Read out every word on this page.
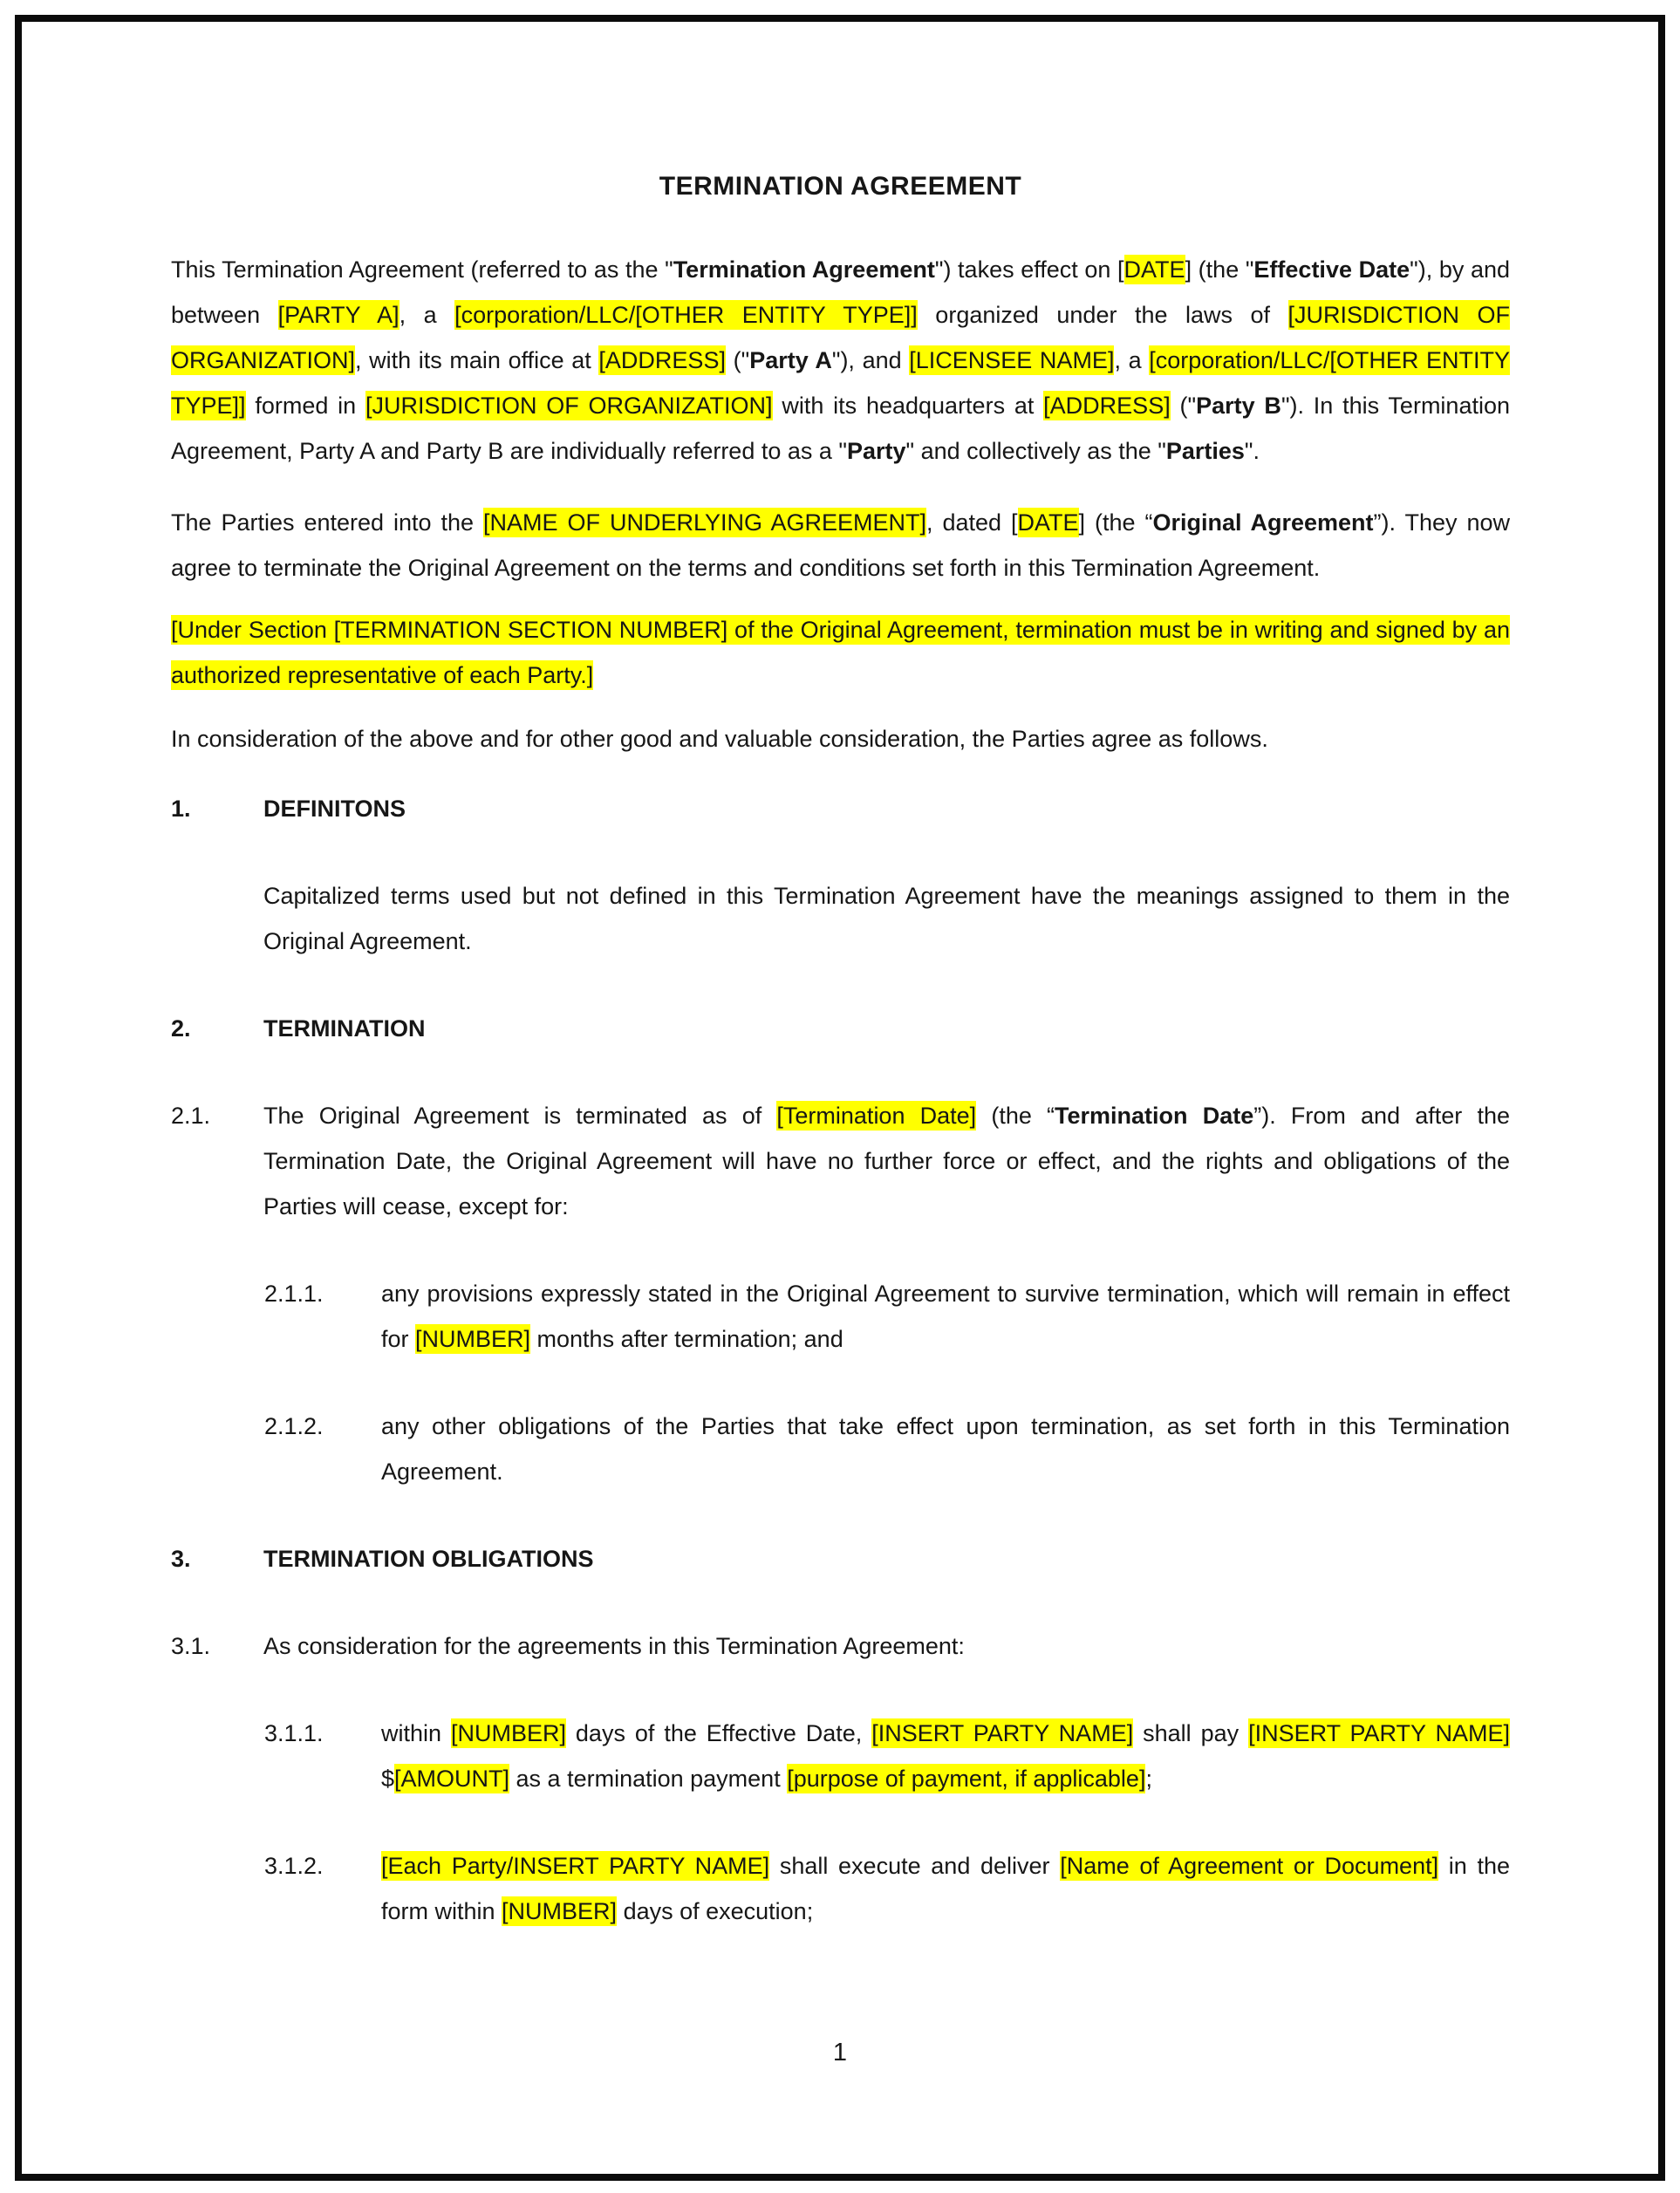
TERMINATION AGREEMENT

This Termination Agreement (referred to as the "Termination Agreement") takes effect on [DATE] (the "Effective Date"), by and between [PARTY A], a [corporation/LLC/[OTHER ENTITY TYPE]] organized under the laws of [JURISDICTION OF ORGANIZATION], with its main office at [ADDRESS] ("Party A"), and [LICENSEE NAME], a [corporation/LLC/[OTHER ENTITY TYPE]] formed in [JURISDICTION OF ORGANIZATION] with its headquarters at [ADDRESS] ("Party B"). In this Termination Agreement, Party A and Party B are individually referred to as a "Party" and collectively as the "Parties".

The Parties entered into the [NAME OF UNDERLYING AGREEMENT], dated [DATE] (the “Original Agreement”). They now agree to terminate the Original Agreement on the terms and conditions set forth in this Termination Agreement.

[Under Section [TERMINATION SECTION NUMBER] of the Original Agreement, termination must be in writing and signed by an authorized representative of each Party.]

In consideration of the above and for other good and valuable consideration, the Parties agree as follows.

1.	DEFINITONS
Capitalized terms used but not defined in this Termination Agreement have the meanings assigned to them in the Original Agreement.
2.	TERMINATION
2.1. The Original Agreement is terminated as of [Termination Date] (the “Termination Date”). From and after the Termination Date, the Original Agreement will have no further force or effect, and the rights and obligations of the Parties will cease, except for:
2.1.1. any provisions expressly stated in the Original Agreement to survive termination, which will remain in effect for [NUMBER] months after termination; and
2.1.2. any other obligations of the Parties that take effect upon termination, as set forth in this Termination Agreement.
3.	TERMINATION OBLIGATIONS
3.1. As consideration for the agreements in this Termination Agreement:
3.1.1. within [NUMBER] days of the Effective Date, [INSERT PARTY NAME] shall pay [INSERT PARTY NAME] $[AMOUNT] as a termination payment [purpose of payment, if applicable];
3.1.2. [Each Party/INSERT PARTY NAME] shall execute and deliver [Name of Agreement or Document] in the form within [NUMBER] days of execution;
1
